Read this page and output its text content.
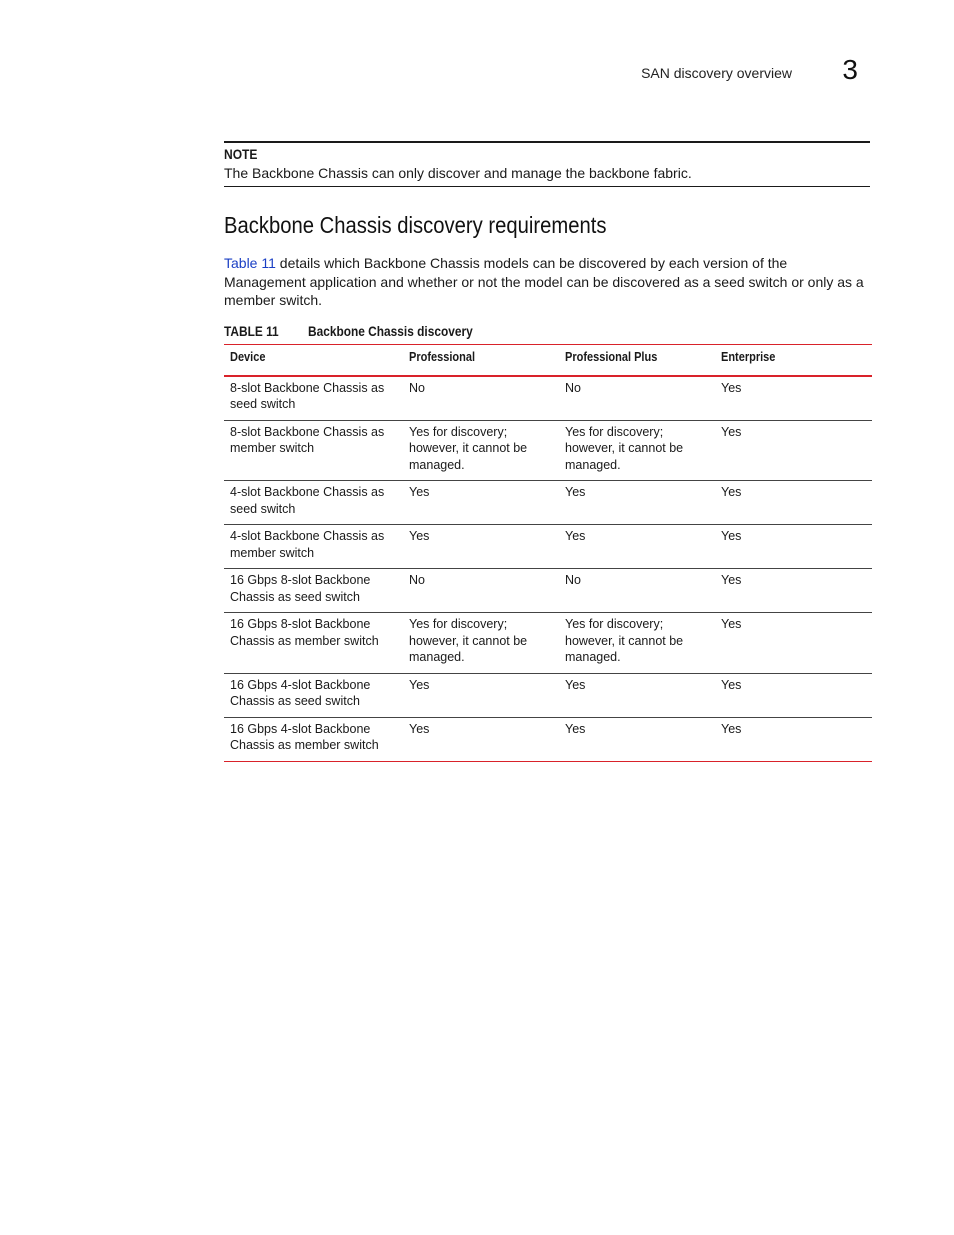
SAN discovery overview 3
NOTE
The Backbone Chassis can only discover and manage the backbone fabric.
Backbone Chassis discovery requirements

Table 11 details which Backbone Chassis models can be discovered by each version of the Management application and whether or not the model can be discovered as a seed switch or only as a member switch.

TABLE 11 Backbone Chassis discovery
Device	Professional	Professional Plus	Enterprise
8-slot Backbone Chassis as seed switch	No	No	Yes
8-slot Backbone Chassis as member switch	Yes for discovery; however, it cannot be managed.	Yes for discovery; however, it cannot be managed.	Yes
4-slot Backbone Chassis as seed switch	Yes	Yes	Yes
4-slot Backbone Chassis as member switch	Yes	Yes	Yes
16 Gbps 8-slot Backbone Chassis as seed switch	No	No	Yes
16 Gbps 8-slot Backbone Chassis as member switch	Yes for discovery; however, it cannot be managed.	Yes for discovery; however, it cannot be managed.	Yes
16 Gbps 4-slot Backbone Chassis as seed switch	Yes	Yes	Yes
16 Gbps 4-slot Backbone Chassis as member switch	Yes	Yes	Yes
